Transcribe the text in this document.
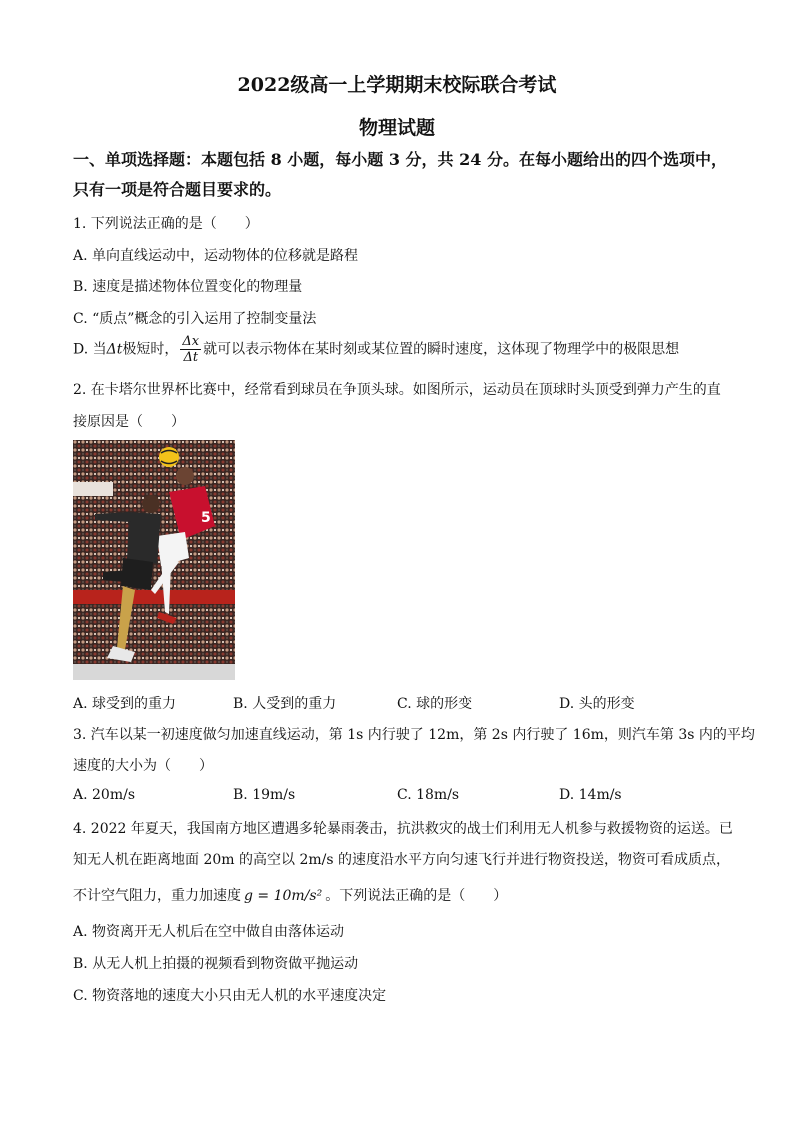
2022级高一上学期期末校际联合考试
物理试题
一、单项选择题：本题包括 8 小题，每小题 3 分，共 24 分。在每小题给出的四个选项中，
只有一项是符合题目要求的。
1. 下列说法正确的是（　　）
A. 单向直线运动中，运动物体的位移就是路程
B. 速度是描述物体位置变化的物理量
C. “质点”概念的引入运用了控制变量法
D. 当Δt极短时， $\frac{\Delta x}{\Delta t}$ 就可以表示物体在某时刻或某位置的瞬时速度，这体现了物理学中的极限思想
2. 在卡塔尔世界杯比赛中，经常看到球员在争顶头球。如图所示，运动员在顶球时头顶受到弹力产生的直
接原因是（　　）
5
A. 球受到的重力	B. 人受到的重力	C. 球的形变	D. 头的形变
3. 汽车以某一初速度做匀加速直线运动，第 1s 内行驶了 12m，第 2s 内行驶了 16m，则汽车第 3s 内的平均
速度的大小为（　　）
A. 20m/s	B. 19m/s	C. 18m/s	D. 14m/s
4. 2022 年夏天，我国南方地区遭遇多轮暴雨袭击，抗洪救灾的战士们利用无人机参与救援物资的运送。已
知无人机在距离地面 20m 的高空以 2m/s 的速度沿水平方向匀速飞行并进行物资投送，物资可看成质点，
不计空气阻力，重力加速度 g = 10m/s² 。下列说法正确的是（　　）
A. 物资离开无人机后在空中做自由落体运动
B. 从无人机上拍摄的视频看到物资做平抛运动
C. 物资落地的速度大小只由无人机的水平速度决定
